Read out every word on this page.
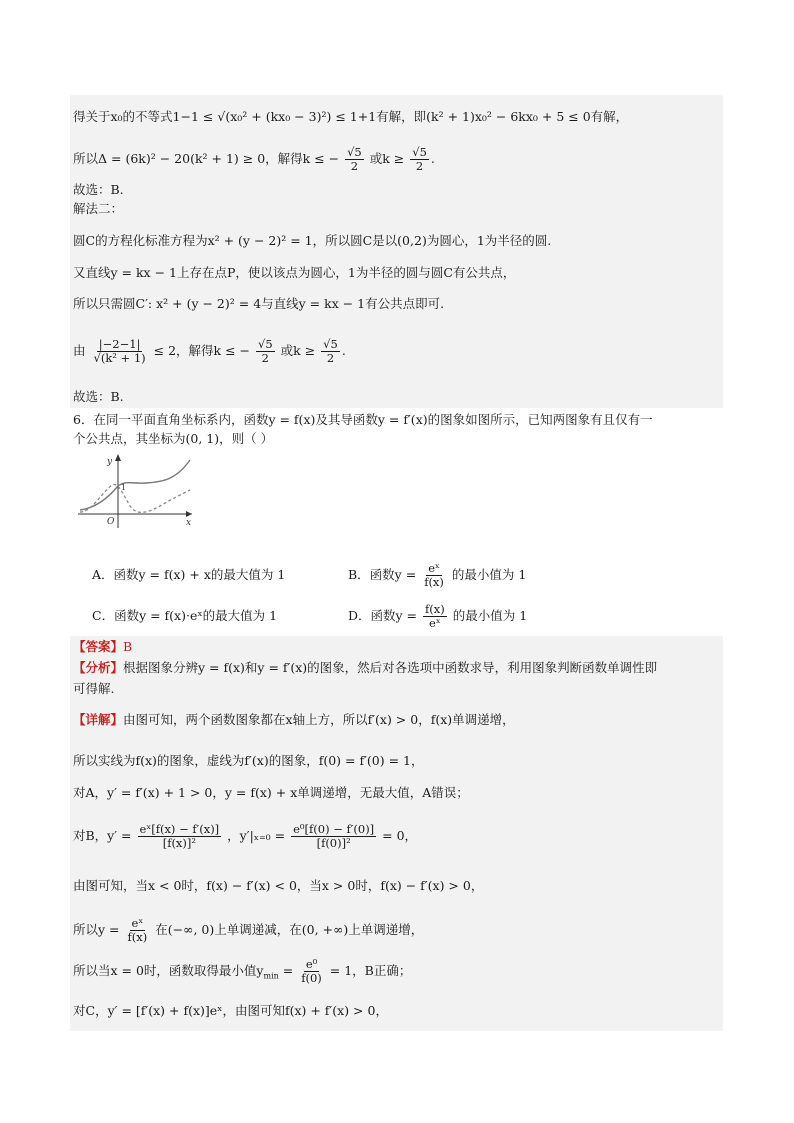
得关于x₀的不等式1−1 ≤ √(x₀² + (kx₀ − 3)²) ≤ 1+1有解，即(k² + 1)x₀² − 6kx₀ + 5 ≤ 0有解，
所以Δ = (6k)² − 20(k² + 1) ≥ 0，解得k ≤ − $\frac{√5}{2}$ 或$k \ge \frac{√5}{2}$ .
故选：B.
解法二：
圆C的方程化标准方程为x² + (y − 2)² = 1，所以圆C是以(0,2)为圆心，1为半径的圆.
又直线y = kx − 1上存在点P，使以该点为圆心，1为半径的圆与圆C有公共点，
所以只需圆C′: x² + (y − 2)² = 4与直线y = kx − 1有公共点即可.
由 $\frac{|-2-1|}{\text{√(k² + 1)}} \le 2$，解得k ≤ − $\frac{√5}{2}$ 或$k \ge \frac{√5}{2}$ .
故选：B.
6．在同一平面直角坐标系内，函数y = f(x)及其导函数y = f′(x)的图象如图所示，已知两图象有且仅有一
个公共点，其坐标为(0, 1)，则（ ）
y
x
O
1
A．函数y = f(x) + x的最大值为 1	B．函数$y = \frac{\text{eˣ}}{f(x)}$ 的最小值为 1
C．函数y = f(x)·eˣ的最大值为 1	D．函数$y = \frac{f(x)}{\text{eˣ}}$ 的最小值为 1
【答案】B
【分析】根据图象分辨y = f(x)和y = f′(x)的图象，然后对各选项中函数求导，利用图象判断函数单调性即
可得解.
【详解】由图可知，两个函数图象都在x轴上方，所以f′(x) > 0，f(x)单调递增，
所以实线为f(x)的图象，虚线为f′(x)的图象，f(0) = f′(0) = 1，
对A，y′ = f′(x) + 1 > 0，y = f(x) + x单调递增，无最大值，A错误；
对B，$y' = \frac{\text{eˣ[f(x) − f′(x)]}}{\text{[f(x)]²}}$ ，$y'|_{x=0} = \frac{\text{e⁰[f(0) − f′(0)]}}{\text{[f(0)]²}} = 0$，
由图可知，当x < 0时，f(x) − f′(x) < 0，当x > 0时，f(x) − f′(x) > 0，
所以$y = \frac{\text{eˣ}}{f(x)}$ 在(−∞, 0)上单调递减，在(0, +∞)上单调递增，
所以当x = 0时，函数取得最小值$y_{min} = \frac{\text{e⁰}}{f(0)} = 1$，B正确；
对C，y′ = [f′(x) + f(x)]eˣ，由图可知f(x) + f′(x) > 0，
